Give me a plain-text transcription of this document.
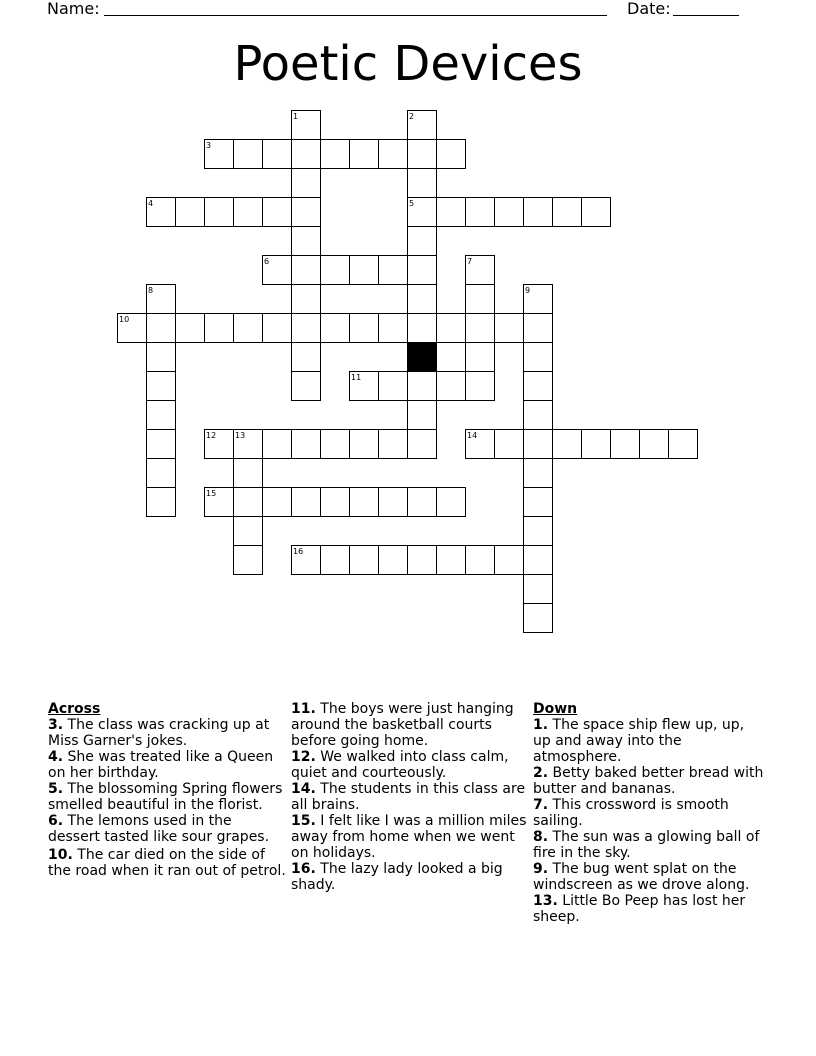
Name:	Date:
Poetic Devices
1	2
3
4	5
6	7
8	9
10
11
12 13	14
15
16
Across
3. The class was cracking up at Miss Garner's jokes.
4. She was treated like a Queen on her birthday.
5. The blossoming Spring flowers smelled beautiful in the florist.
6. The lemons used in the dessert tasted like sour grapes.
10. The car died on the side of the road when it ran out of petrol.
11. The boys were just hanging around the basketball courts before going home.
12. We walked into class calm, quiet and courteously.
14. The students in this class are all brains.
15. I felt like I was a million miles away from home when we went on holidays.
16. The lazy lady looked a big shady.
Down
1. The space ship flew up, up, up and away into the atmosphere.
2. Betty baked better bread with butter and bananas.
7. This crossword is smooth sailing.
8. The sun was a glowing ball of fire in the sky.
9. The bug went splat on the windscreen as we drove along.
13. Little Bo Peep has lost her sheep.
